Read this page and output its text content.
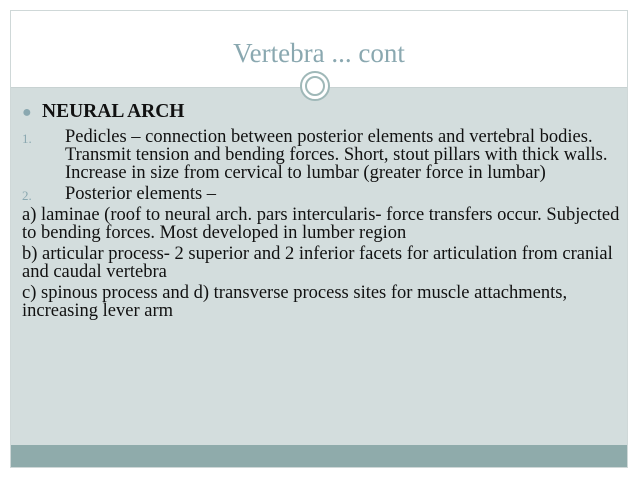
Vertebra ... cont
● NEURAL ARCH
1. Pedicles – connection between posterior elements and vertebral bodies. Transmit tension and bending forces. Short, stout pillars with thick walls. Increase in size from cervical to lumbar (greater force in lumbar)
2. Posterior elements –
a) laminae (roof to neural arch. pars intercularis- force transfers occur. Subjected to bending forces. Most developed in lumber region
b) articular process- 2 superior and 2 inferior facets for articulation from cranial and caudal vertebra
c) spinous process and d) transverse process sites for muscle attachments, increasing lever arm
